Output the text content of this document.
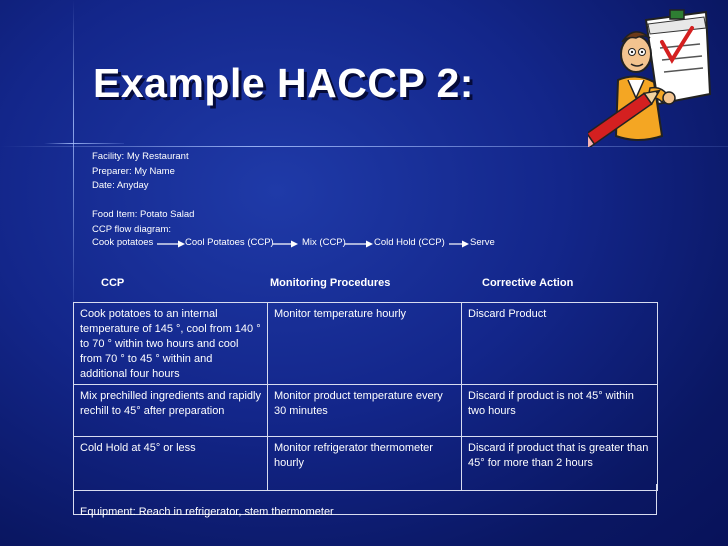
Example HACCP 2:
Facility: My Restaurant
Preparer: My Name
Date: Anyday
Food Item: Potato Salad
CCP flow diagram:
Cook potatoes	Cool Potatoes (CCP)	Mix (CCP)	Cold Hold (CCP)	Serve
CCP	Monitoring Procedures	Corrective Action
Cook potatoes to an internal temperature of 145 °, cool from 140 ° to 70 ° within two hours and cool from 70 ° to 45 ° within and additional four hours	Monitor temperature hourly	Discard Product
Mix prechilled ingredients and rapidly rechill to 45° after preparation	Monitor product temperature every 30 minutes	Discard if product is not 45° within two hours
Cold Hold at 45° or less	Monitor refrigerator thermometer hourly	Discard if product that is greater than 45° for more than 2 hours
Equipment: Reach in refrigerator, stem thermometer
